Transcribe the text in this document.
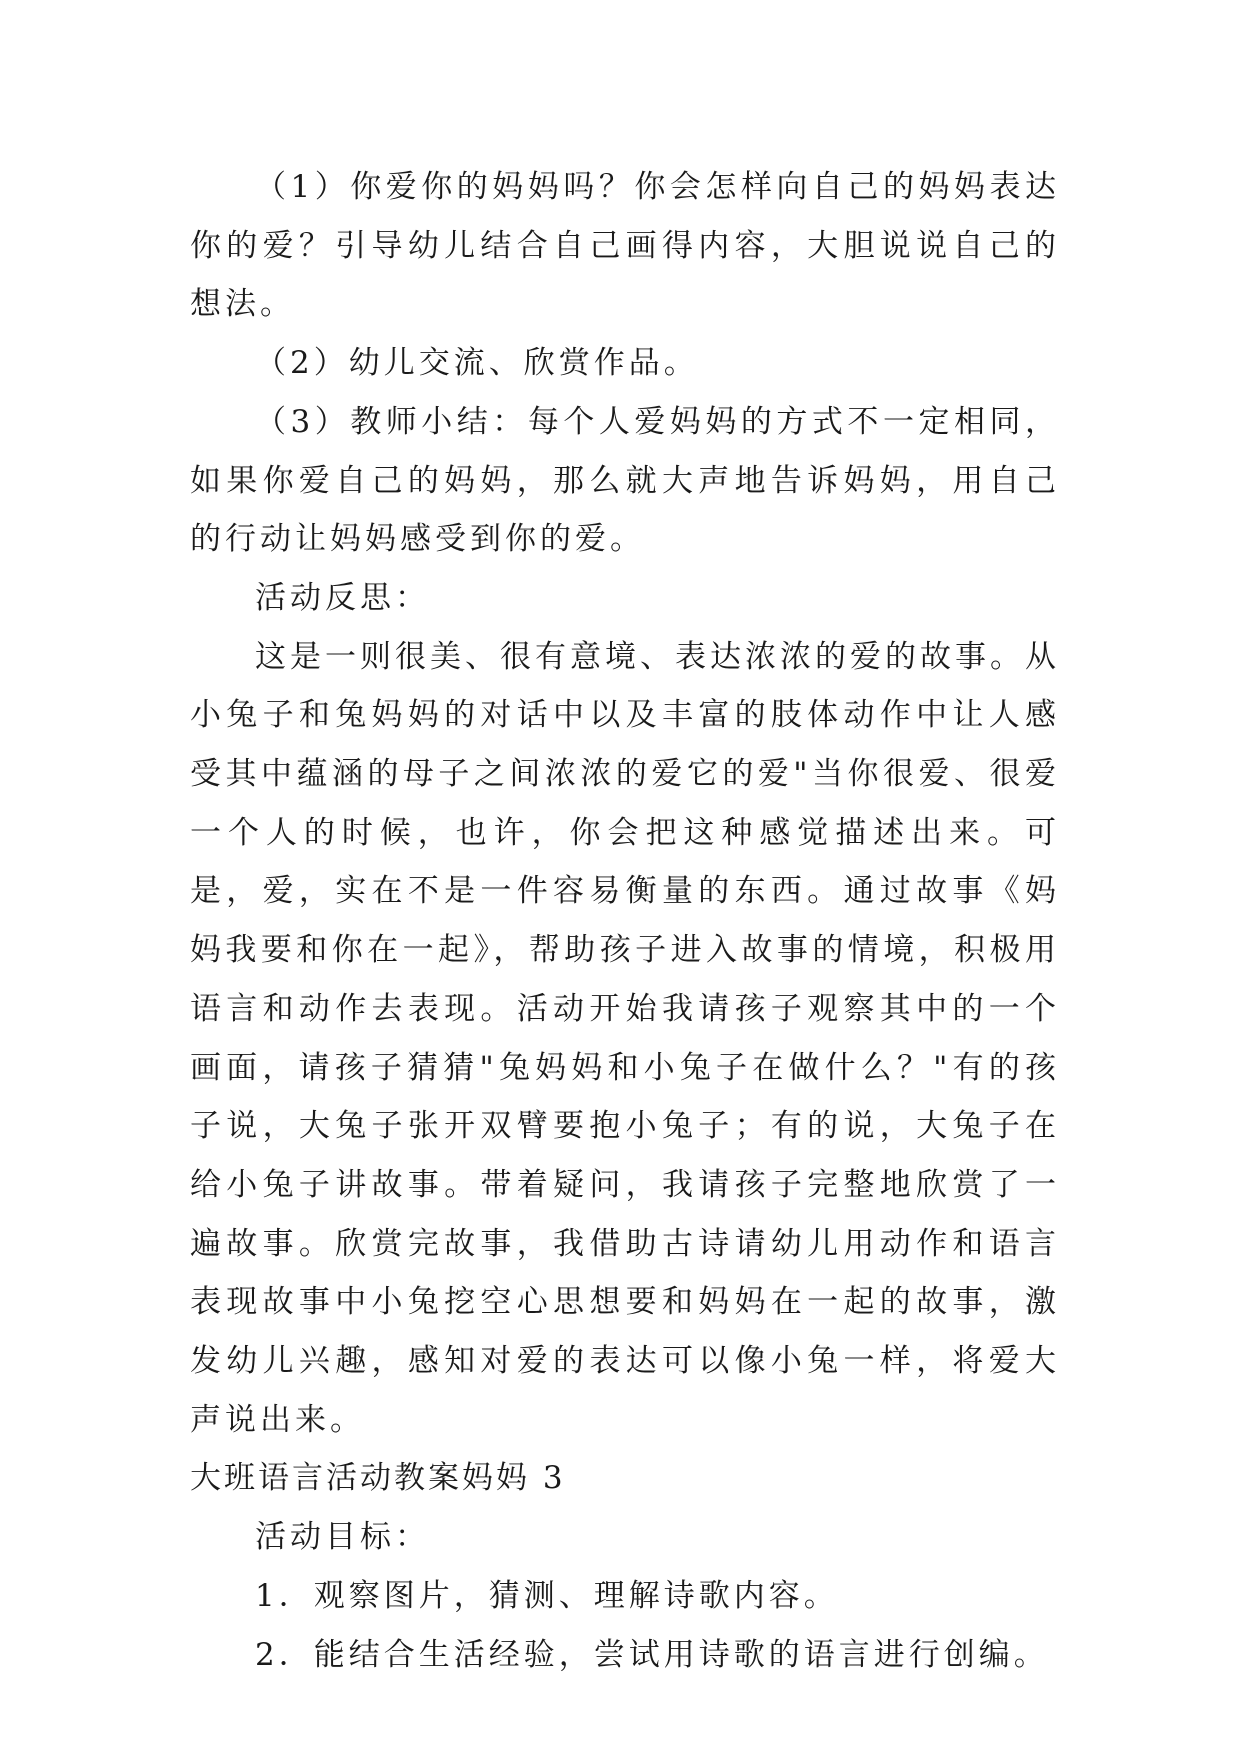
（1）你爱你的妈妈吗？你会怎样向自己的妈妈表达你的爱？引导幼儿结合自己画得内容，大胆说说自己的想法。

（2）幼儿交流、欣赏作品。

（3）教师小结：每个人爱妈妈的方式不一定相同，如果你爱自己的妈妈，那么就大声地告诉妈妈，用自己的行动让妈妈感受到你的爱。

活动反思：

这是一则很美、很有意境、表达浓浓的爱的故事。从小兔子和兔妈妈的对话中以及丰富的肢体动作中让人感受其中蕴涵的母子之间浓浓的爱它的爱"当你很爱、很爱一个人的时候，也许，你会把这种感觉描述出来。可是，爱，实在不是一件容易衡量的东西。通过故事《妈妈我要和你在一起》，帮助孩子进入故事的情境，积极用语言和动作去表现。活动开始我请孩子观察其中的一个画面，请孩子猜猜"兔妈妈和小兔子在做什么？"有的孩子说，大兔子张开双臂要抱小兔子；有的说，大兔子在给小兔子讲故事。带着疑问，我请孩子完整地欣赏了一遍故事。欣赏完故事，我借助古诗请幼儿用动作和语言表现故事中小兔挖空心思想要和妈妈在一起的故事，激发幼儿兴趣，感知对爱的表达可以像小兔一样，将爱大声说出来。

大班语言活动教案妈妈 3

活动目标：

1．观察图片，猜测、理解诗歌内容。

2．能结合生活经验，尝试用诗歌的语言进行创编。
